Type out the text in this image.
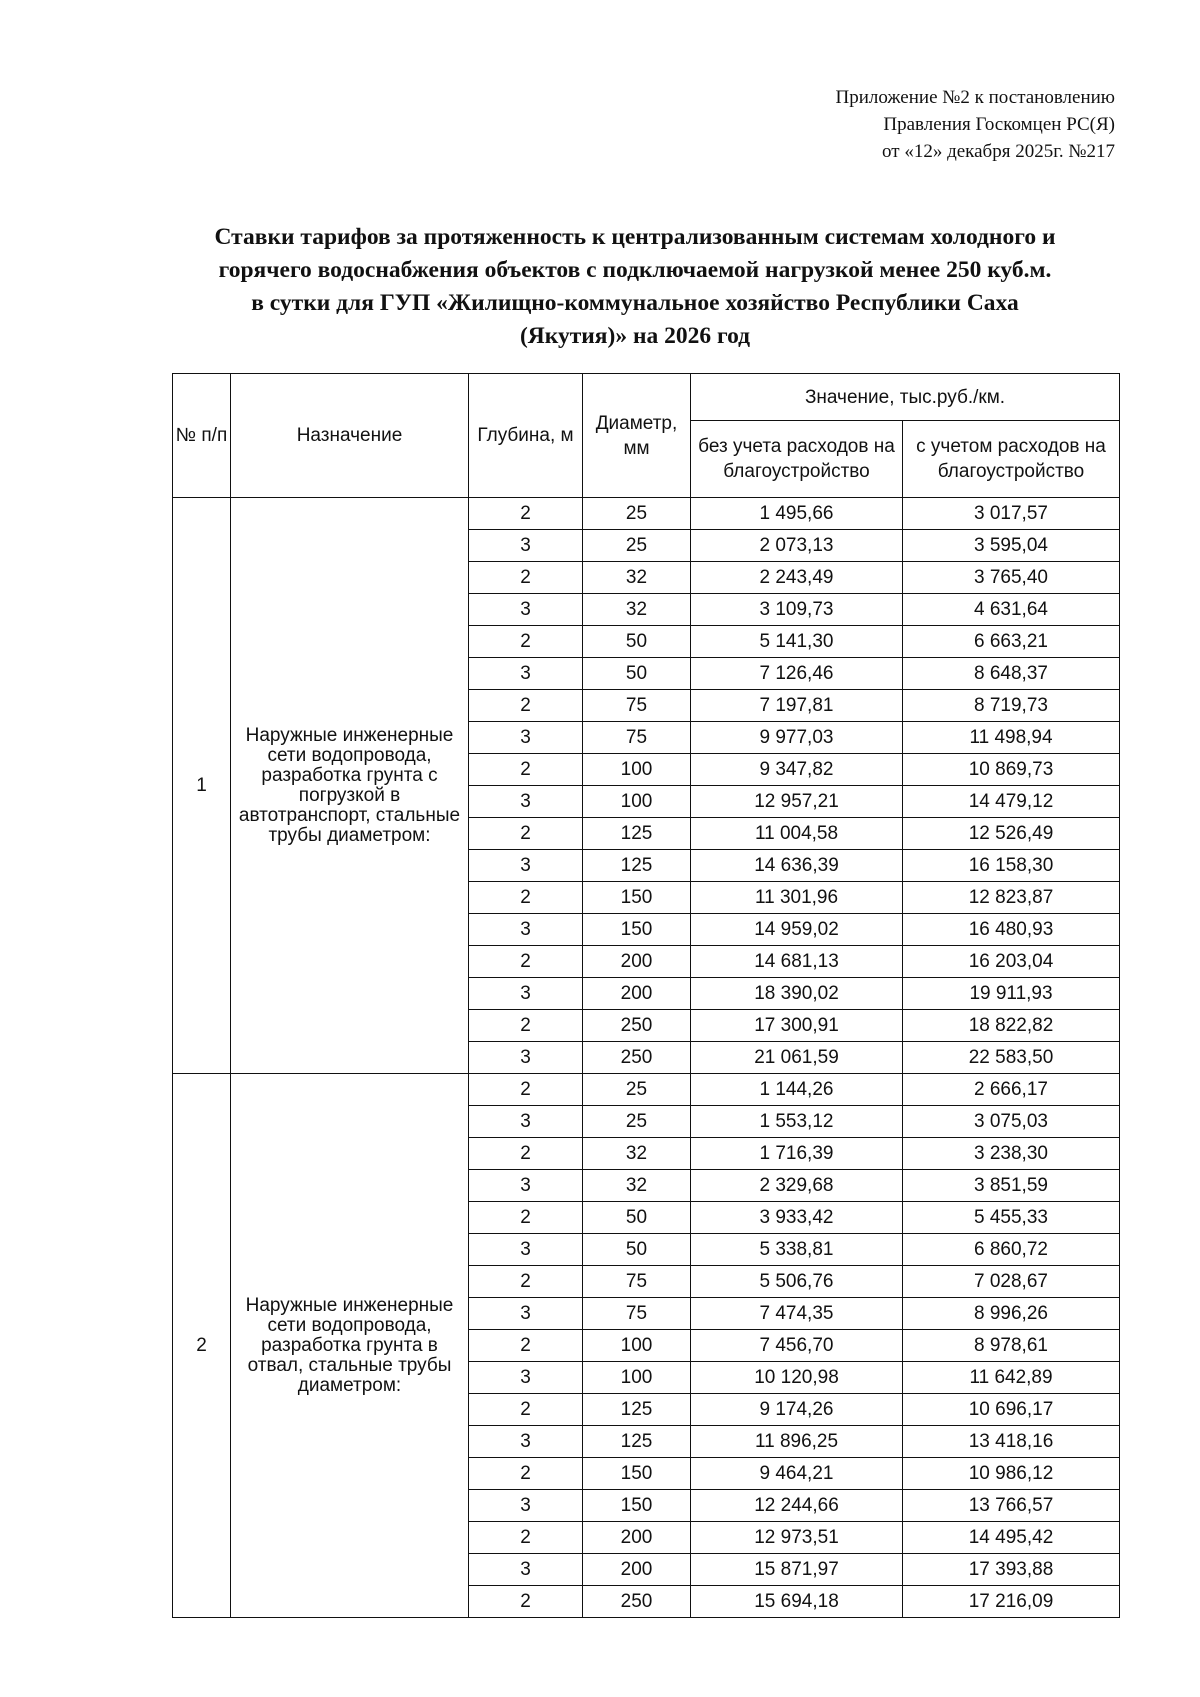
Приложение №2 к постановлению
Правления Госкомцен РС(Я)
от «12» декабря 2025г. №217
Ставки тарифов за протяженность к централизованным системам холодного и
горячего водоснабжения объектов с подключаемой нагрузкой менее 250 куб.м.
в сутки для ГУП «Жилищно-коммунальное хозяйство Республики Саха
(Якутия)» на 2026 год
№ п/п	Назначение	Глубина, м	Диаметр, мм	Значение, тыс.руб./км.	
				без учета расходов на благоустройство	с учетом расходов на благоустройство
1	Наружные инженерные сети водопровода, разработка грунта с погрузкой в автотранспорт, стальные трубы диаметром:	2	25	1 495,66	3 017,57
		3	25	2 073,13	3 595,04
		2	32	2 243,49	3 765,40
		3	32	3 109,73	4 631,64
		2	50	5 141,30	6 663,21
		3	50	7 126,46	8 648,37
		2	75	7 197,81	8 719,73
		3	75	9 977,03	11 498,94
		2	100	9 347,82	10 869,73
		3	100	12 957,21	14 479,12
		2	125	11 004,58	12 526,49
		3	125	14 636,39	16 158,30
		2	150	11 301,96	12 823,87
		3	150	14 959,02	16 480,93
		2	200	14 681,13	16 203,04
		3	200	18 390,02	19 911,93
		2	250	17 300,91	18 822,82
		3	250	21 061,59	22 583,50
2	Наружные инженерные сети водопровода, разработка грунта в отвал, стальные трубы диаметром:	2	25	1 144,26	2 666,17
		3	25	1 553,12	3 075,03
		2	32	1 716,39	3 238,30
		3	32	2 329,68	3 851,59
		2	50	3 933,42	5 455,33
		3	50	5 338,81	6 860,72
		2	75	5 506,76	7 028,67
		3	75	7 474,35	8 996,26
		2	100	7 456,70	8 978,61
		3	100	10 120,98	11 642,89
		2	125	9 174,26	10 696,17
		3	125	11 896,25	13 418,16
		2	150	9 464,21	10 986,12
		3	150	12 244,66	13 766,57
		2	200	12 973,51	14 495,42
		3	200	15 871,97	17 393,88
		2	250	15 694,18	17 216,09
